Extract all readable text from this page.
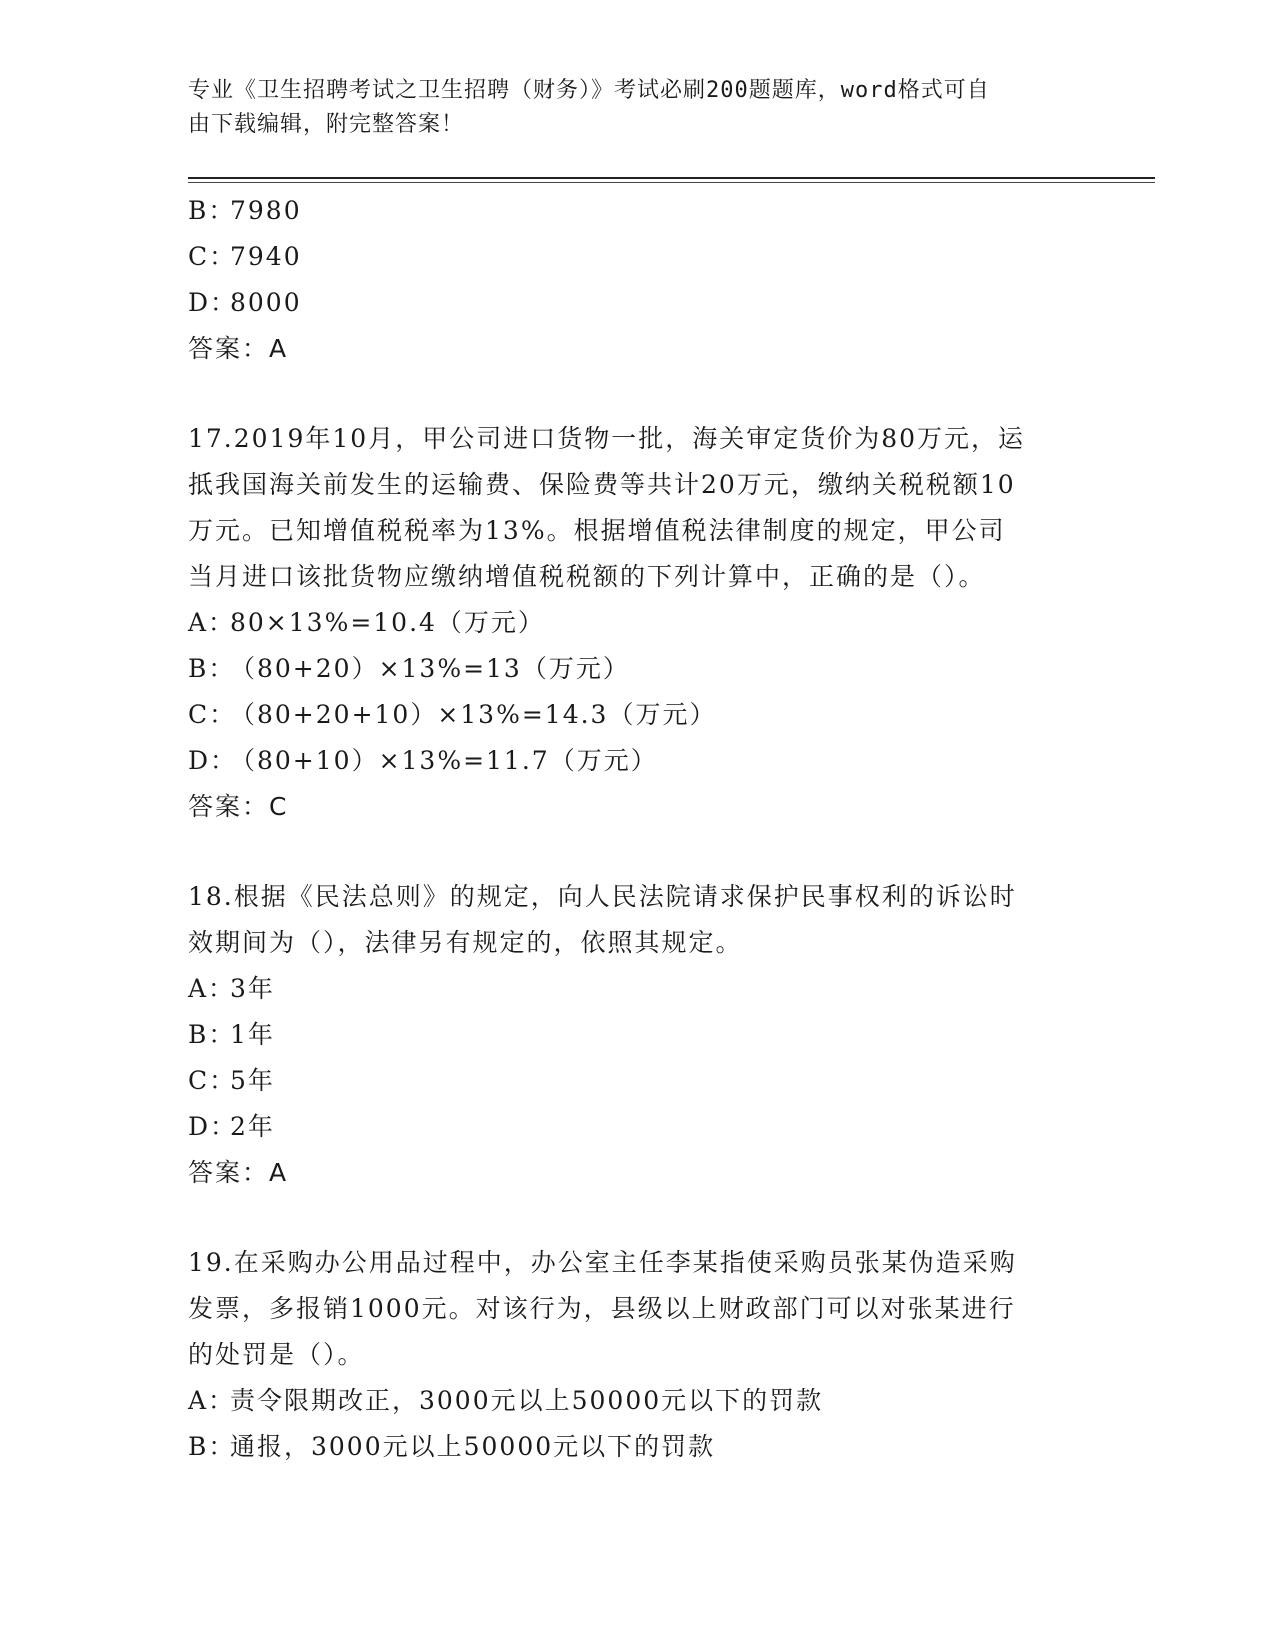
专业《卫生招聘考试之卫生招聘（财务）》考试必刷200题题库，word格式可自
由下载编辑，附完整答案！
B：7980
C：7940
D：8000
答案：A
17.2019年10月，甲公司进口货物一批，海关审定货价为80万元，运
抵我国海关前发生的运输费、保险费等共计20万元，缴纳关税税额10
万元。已知增值税税率为13%。根据增值税法律制度的规定，甲公司
当月进口该批货物应缴纳增值税税额的下列计算中，正确的是（）。
A：80×13%=10.4（万元）
B：（80+20）×13%=13（万元）
C：（80+20+10）×13%=14.3（万元）
D：（80+10）×13%=11.7（万元）
答案：C
18.根据《民法总则》的规定，向人民法院请求保护民事权利的诉讼时
效期间为（），法律另有规定的，依照其规定。
A：3年
B：1年
C：5年
D：2年
答案：A
19.在采购办公用品过程中，办公室主任李某指使采购员张某伪造采购
发票，多报销1000元。对该行为，县级以上财政部门可以对张某进行
的处罚是（）。
A：责令限期改正，3000元以上50000元以下的罚款
B：通报，3000元以上50000元以下的罚款
